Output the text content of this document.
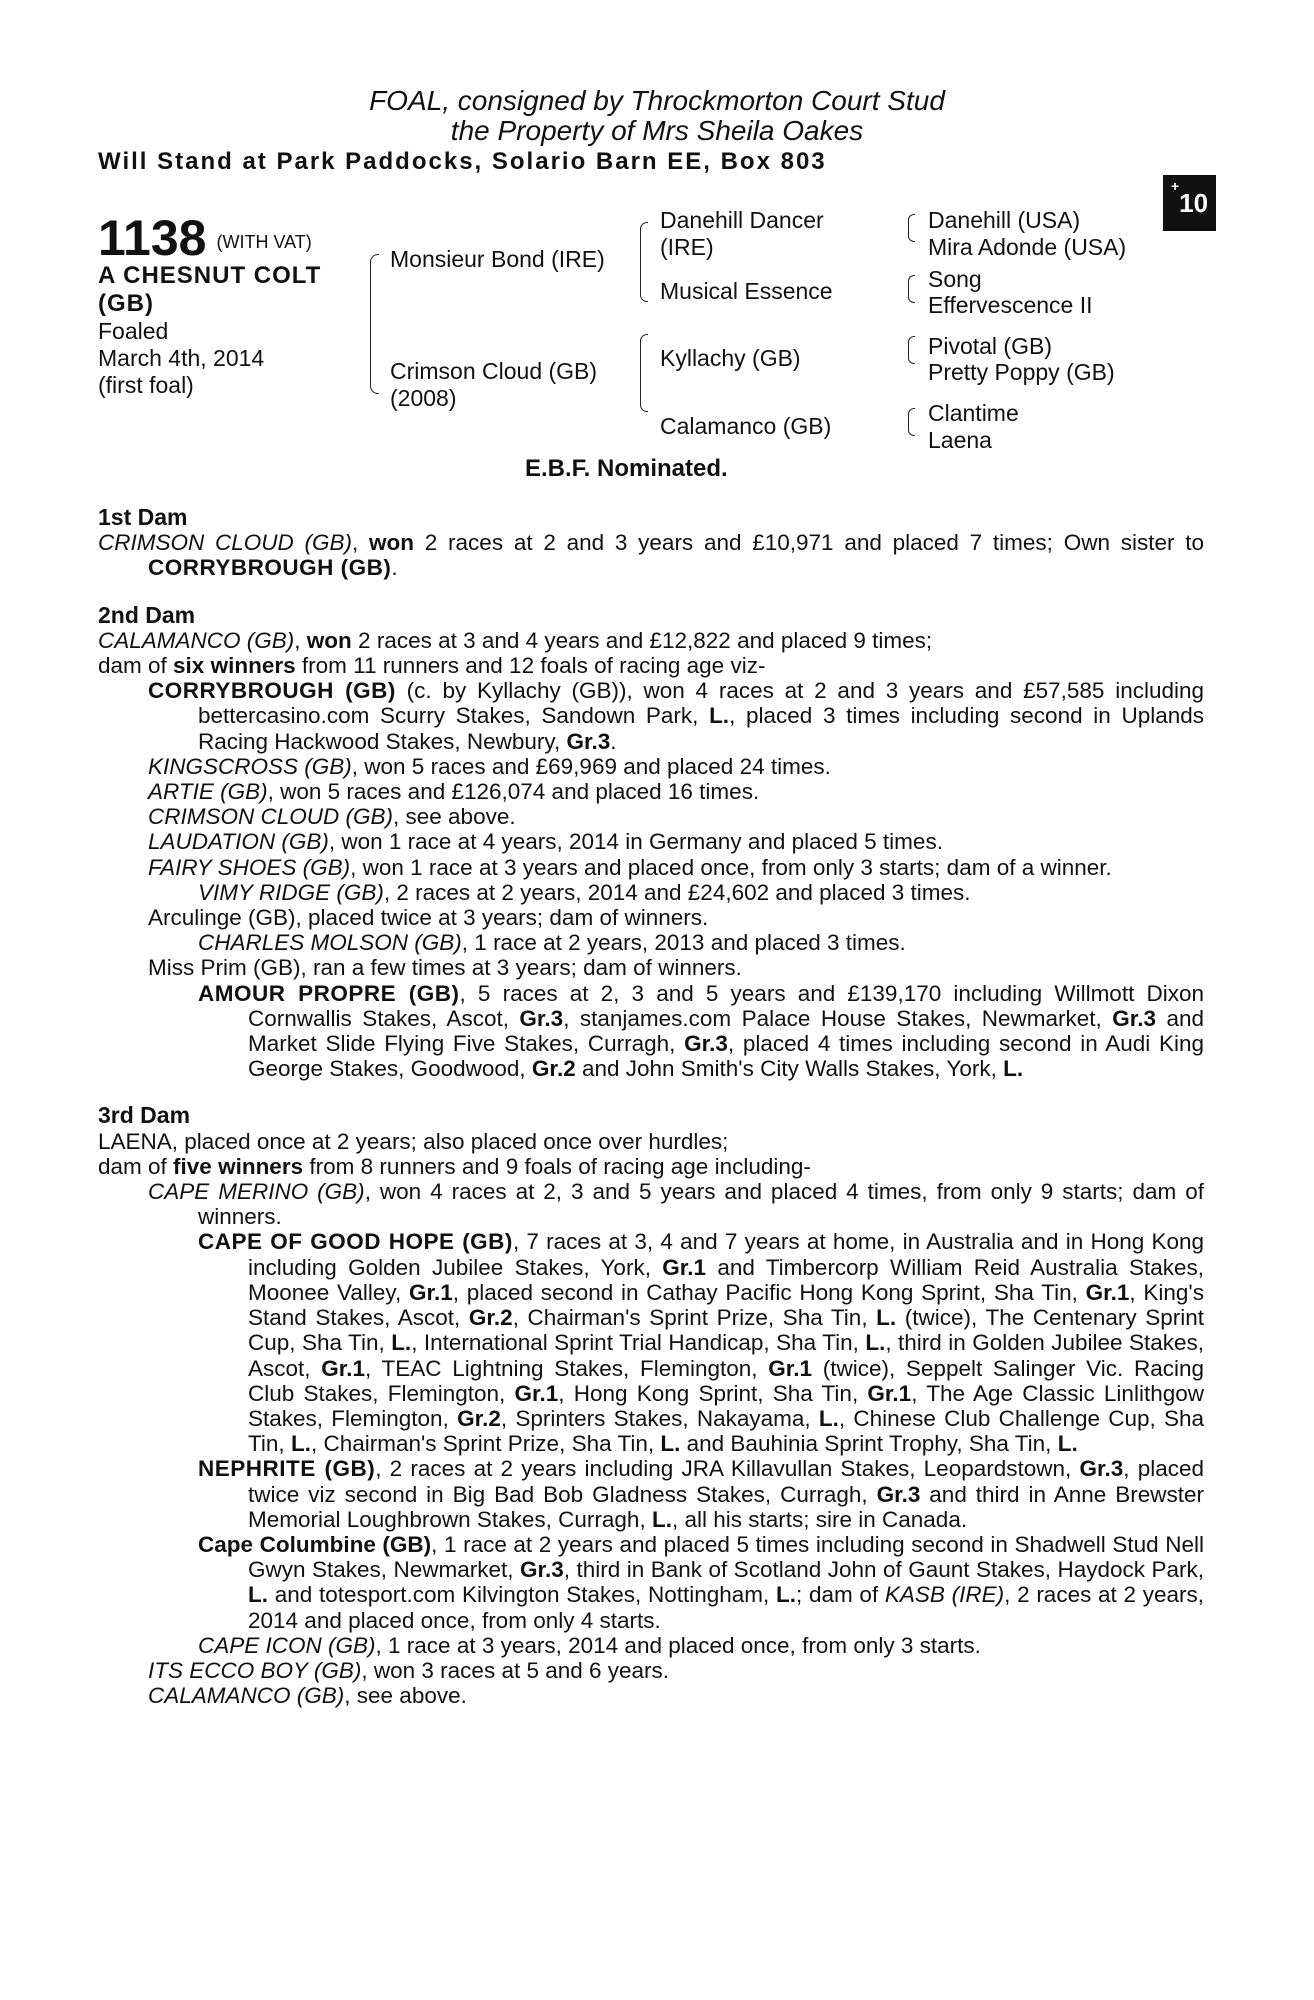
FOAL, consigned by Throckmorton Court Stud
the Property of Mrs Sheila Oakes
Will Stand at Park Paddocks, Solario Barn EE, Box 803
+10
1138 (WITH VAT)
A CHESNUT COLT
(GB)
Foaled
March 4th, 2014
(first foal)
Monsieur Bond (IRE)
Crimson Cloud (GB)
(2008)
Danehill Dancer
(IRE)
Musical Essence
Kyllachy (GB)
Calamanco (GB)
Danehill (USA)
Mira Adonde (USA)
Song
Effervescence II
Pivotal (GB)
Pretty Poppy (GB)
Clantime
Laena
E.B.F. Nominated.

1st Dam

CRIMSON CLOUD (GB), won 2 races at 2 and 3 years and £10,971 and placed 7 times; Own sister to CORRYBROUGH (GB).

2nd Dam

CALAMANCO (GB), won 2 races at 3 and 4 years and £12,822 and placed 9 times;

dam of six winners from 11 runners and 12 foals of racing age viz-

CORRYBROUGH (GB) (c. by Kyllachy (GB)), won 4 races at 2 and 3 years and £57,585 including bettercasino.com Scurry Stakes, Sandown Park, L., placed 3 times including second in Uplands Racing Hackwood Stakes, Newbury, Gr.3.

KINGSCROSS (GB), won 5 races and £69,969 and placed 24 times.

ARTIE (GB), won 5 races and £126,074 and placed 16 times.

CRIMSON CLOUD (GB), see above.

LAUDATION (GB), won 1 race at 4 years, 2014 in Germany and placed 5 times.

FAIRY SHOES (GB), won 1 race at 3 years and placed once, from only 3 starts; dam of a winner.

VIMY RIDGE (GB), 2 races at 2 years, 2014 and £24,602 and placed 3 times.

Arculinge (GB), placed twice at 3 years; dam of winners.

CHARLES MOLSON (GB), 1 race at 2 years, 2013 and placed 3 times.

Miss Prim (GB), ran a few times at 3 years; dam of winners.

AMOUR PROPRE (GB), 5 races at 2, 3 and 5 years and £139,170 including Willmott Dixon Cornwallis Stakes, Ascot, Gr.3, stanjames.com Palace House Stakes, Newmarket, Gr.3 and Market Slide Flying Five Stakes, Curragh, Gr.3, placed 4 times including second in Audi King George Stakes, Goodwood, Gr.2 and John Smith's City Walls Stakes, York, L.

3rd Dam

LAENA, placed once at 2 years; also placed once over hurdles;

dam of five winners from 8 runners and 9 foals of racing age including-

CAPE MERINO (GB), won 4 races at 2, 3 and 5 years and placed 4 times, from only 9 starts; dam of winners.

CAPE OF GOOD HOPE (GB), 7 races at 3, 4 and 7 years at home, in Australia and in Hong Kong including Golden Jubilee Stakes, York, Gr.1 and Timbercorp William Reid Australia Stakes, Moonee Valley, Gr.1, placed second in Cathay Pacific Hong Kong Sprint, Sha Tin, Gr.1, King's Stand Stakes, Ascot, Gr.2, Chairman's Sprint Prize, Sha Tin, L. (twice), The Centenary Sprint Cup, Sha Tin, L., International Sprint Trial Handicap, Sha Tin, L., third in Golden Jubilee Stakes, Ascot, Gr.1, TEAC Lightning Stakes, Flemington, Gr.1 (twice), Seppelt Salinger Vic. Racing Club Stakes, Flemington, Gr.1, Hong Kong Sprint, Sha Tin, Gr.1, The Age Classic Linlithgow Stakes, Flemington, Gr.2, Sprinters Stakes, Nakayama, L., Chinese Club Challenge Cup, Sha Tin, L., Chairman's Sprint Prize, Sha Tin, L. and Bauhinia Sprint Trophy, Sha Tin, L.

NEPHRITE (GB), 2 races at 2 years including JRA Killavullan Stakes, Leopardstown, Gr.3, placed twice viz second in Big Bad Bob Gladness Stakes, Curragh, Gr.3 and third in Anne Brewster Memorial Loughbrown Stakes, Curragh, L., all his starts; sire in Canada.

Cape Columbine (GB), 1 race at 2 years and placed 5 times including second in Shadwell Stud Nell Gwyn Stakes, Newmarket, Gr.3, third in Bank of Scotland John of Gaunt Stakes, Haydock Park, L. and totesport.com Kilvington Stakes, Nottingham, L.; dam of KASB (IRE), 2 races at 2 years, 2014 and placed once, from only 4 starts.

CAPE ICON (GB), 1 race at 3 years, 2014 and placed once, from only 3 starts.

ITS ECCO BOY (GB), won 3 races at 5 and 6 years.

CALAMANCO (GB), see above.
